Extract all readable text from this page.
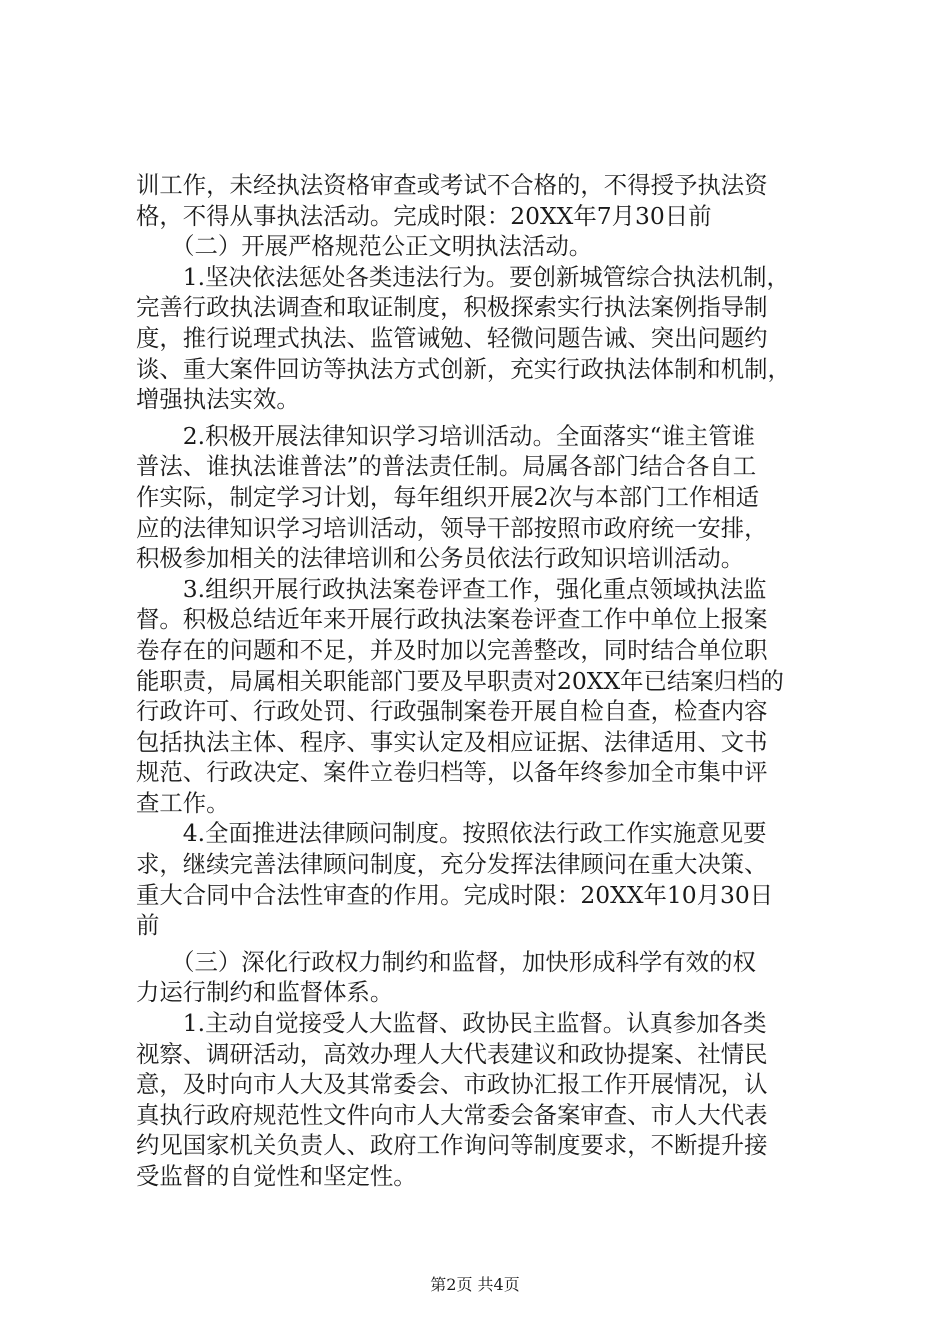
训工作，未经执法资格审查或考试不合格的，不得授予执法资
格，不得从事执法活动。完成时限：20XX年7月30日前
　　（二）开展严格规范公正文明执法活动。
　　1.坚决依法惩处各类违法行为。要创新城管综合执法机制，
完善行政执法调查和取证制度，积极探索实行执法案例指导制
度，推行说理式执法、监管诫勉、轻微问题告诫、突出问题约
谈、重大案件回访等执法方式创新，充实行政执法体制和机制，
增强执法实效。
　　2.积极开展法律知识学习培训活动。全面落实“谁主管谁
普法、谁执法谁普法”的普法责任制。局属各部门结合各自工
作实际，制定学习计划，每年组织开展2次与本部门工作相适
应的法律知识学习培训活动，领导干部按照市政府统一安排，
积极参加相关的法律培训和公务员依法行政知识培训活动。
　　3.组织开展行政执法案卷评查工作，强化重点领域执法监
督。积极总结近年来开展行政执法案卷评查工作中单位上报案
卷存在的问题和不足，并及时加以完善整改，同时结合单位职
能职责，局属相关职能部门要及早职责对20XX年已结案归档的
行政许可、行政处罚、行政强制案卷开展自检自查，检查内容
包括执法主体、程序、事实认定及相应证据、法律适用、文书
规范、行政决定、案件立卷归档等，以备年终参加全市集中评
查工作。
　　4.全面推进法律顾问制度。按照依法行政工作实施意见要
求，继续完善法律顾问制度，充分发挥法律顾问在重大决策、
重大合同中合法性审查的作用。完成时限：20XX年10月30日
前
　　（三）深化行政权力制约和监督，加快形成科学有效的权
力运行制约和监督体系。
　　1.主动自觉接受人大监督、政协民主监督。认真参加各类
视察、调研活动，高效办理人大代表建议和政协提案、社情民
意，及时向市人大及其常委会、市政协汇报工作开展情况，认
真执行政府规范性文件向市人大常委会备案审查、市人大代表
约见国家机关负责人、政府工作询问等制度要求，不断提升接
受监督的自觉性和坚定性。
第2页 共4页
